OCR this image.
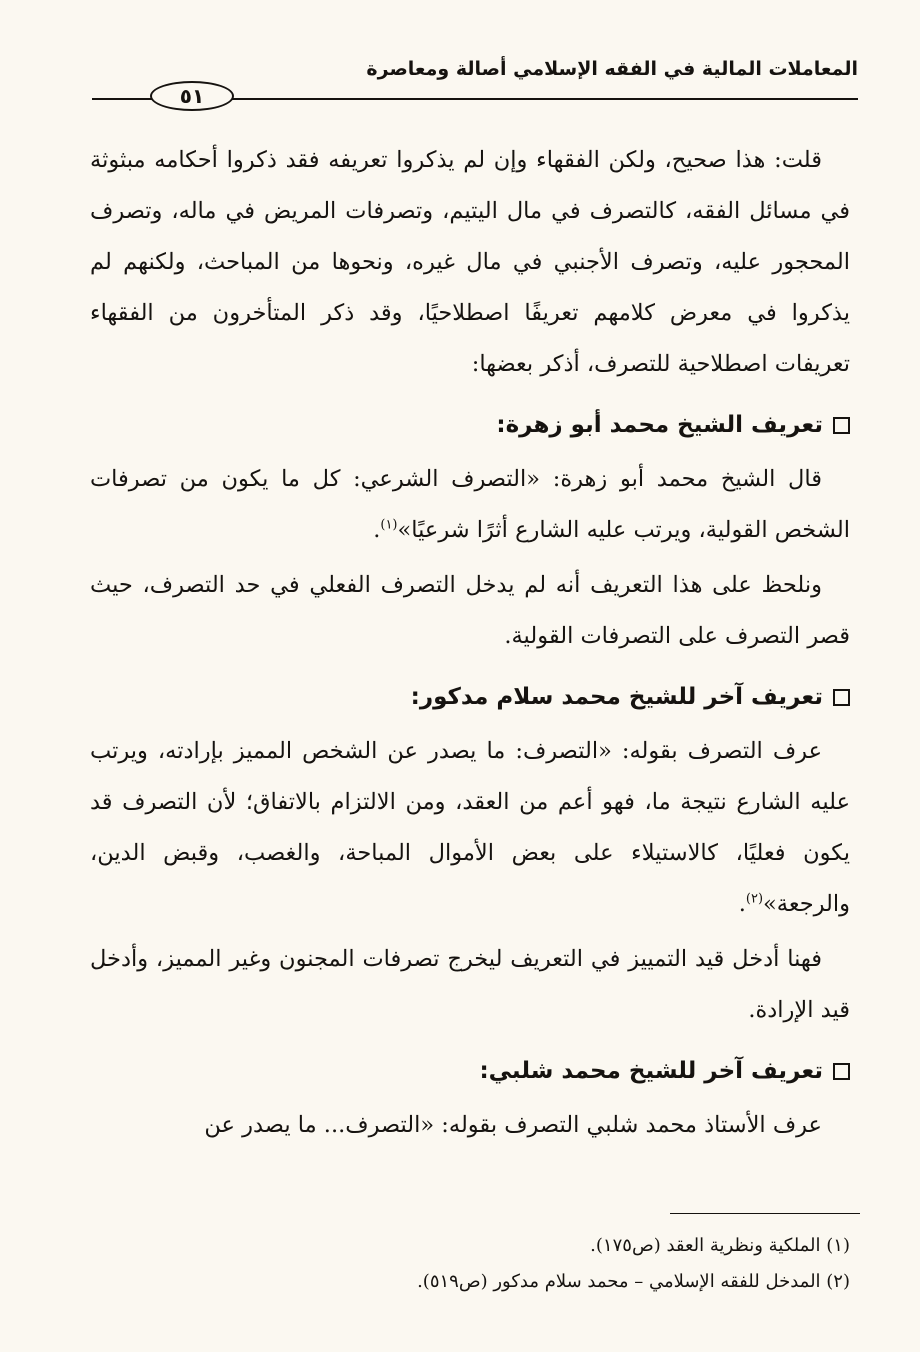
المعاملات المالية في الفقه الإسلامي أصالة ومعاصرة
٥١

قلت: هذا صحيح، ولكن الفقهاء وإن لم يذكروا تعريفه فقد ذكروا أحكامه مبثوثة في مسائل الفقه، كالتصرف في مال اليتيم، وتصرفات المريض في ماله، وتصرف المحجور عليه، وتصرف الأجنبي في مال غيره، ونحوها من المباحث، ولكنهم لم يذكروا في معرض كلامهم تعريفًا اصطلاحيًا، وقد ذكر المتأخرون من الفقهاء تعريفات اصطلاحية للتصرف، أذكر بعضها:

تعريف الشيخ محمد أبو زهرة:

قال الشيخ محمد أبو زهرة: «التصرف الشرعي: كل ما يكون من تصرفات الشخص القولية، ويرتب عليه الشارع أثرًا شرعيًا»$^{(١)}$.

ونلحظ على هذا التعريف أنه لم يدخل التصرف الفعلي في حد التصرف، حيث قصر التصرف على التصرفات القولية.

تعريف آخر للشيخ محمد سلام مدكور:

عرف التصرف بقوله: «التصرف: ما يصدر عن الشخص المميز بإرادته، ويرتب عليه الشارع نتيجة ما، فهو أعم من العقد، ومن الالتزام بالاتفاق؛ لأن التصرف قد يكون فعليًا، كالاستيلاء على بعض الأموال المباحة، والغصب، وقبض الدين، والرجعة»$^{(٢)}$.

فهنا أدخل قيد التمييز في التعريف ليخرج تصرفات المجنون وغير المميز، وأدخل قيد الإرادة.

تعريف آخر للشيخ محمد شلبي:

عرف الأستاذ محمد شلبي التصرف بقوله: «التصرف... ما يصدر عن

(١) الملكية ونظرية العقد (ص١٧٥).

(٢) المدخل للفقه الإسلامي – محمد سلام مدكور (ص٥١٩).
